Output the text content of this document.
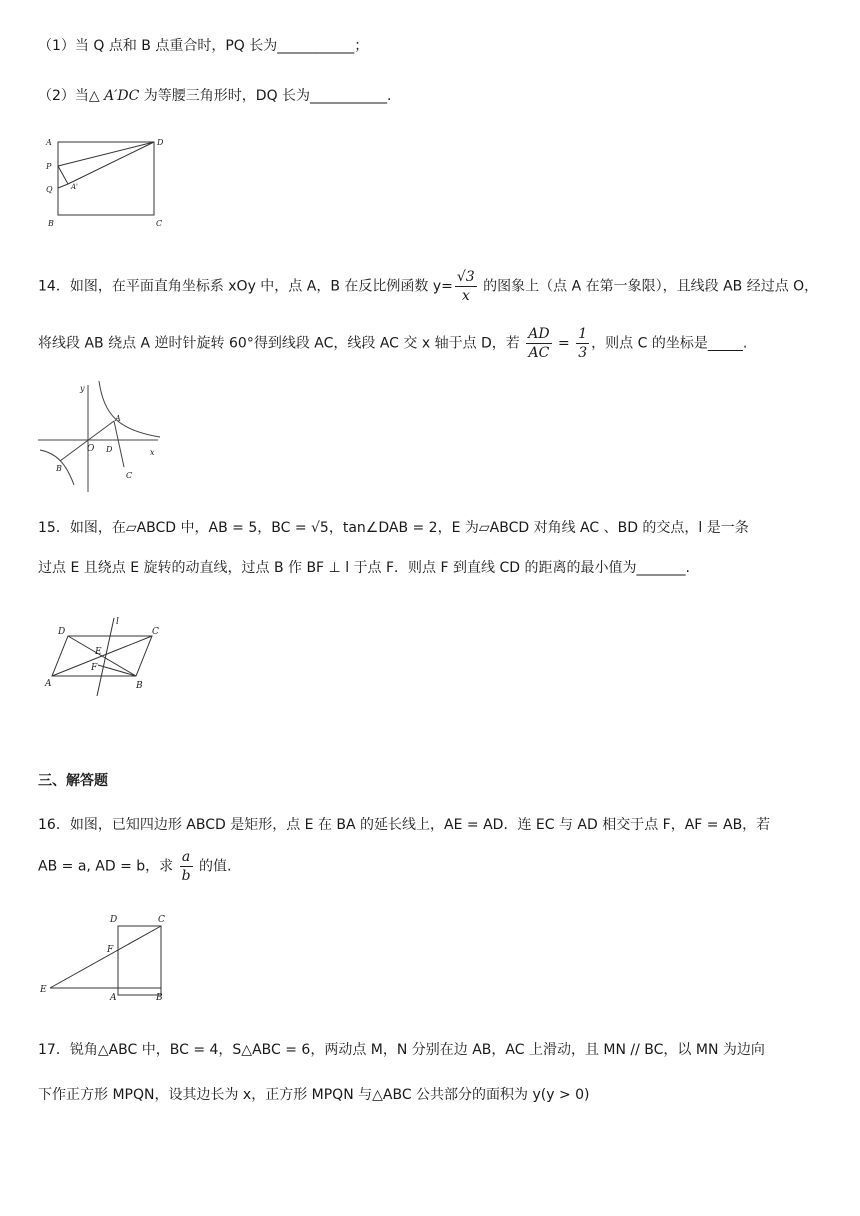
（1）当 Q 点和 B 点重合时，PQ 长为___________；
（2）当△ A′DC 为等腰三角形时，DQ 长为___________.
A	D
P
Q	A'
B	C
14．如图，在平面直角坐标系 xOy 中，点 A，B 在反比例函数 $y= \frac{√3}{x}$ 的图象上（点 A 在第一象限），且线段 AB 经过点 O，
将线段 AB 绕点 A 逆时针旋转 60°得到线段 AC，线段 AC 交 x 轴于点 D，若 $\frac{AD}{AC} = \frac{1}{3}$ ，则点 C 的坐标是_____.
y
x
O
A
B
D
C
15．如图，在▱ABCD 中，AB = 5，BC = √5，tan∠DAB = 2，E 为▱ABCD 对角线 AC 、BD 的交点，l 是一条
过点 E 且绕点 E 旋转的动直线，过点 B 作 BF ⊥ l 于点 F．则点 F 到直线 CD 的距离的最小值为_______.
D	C
l
E
F
A	B
三、解答题
16．如图，已知四边形 ABCD 是矩形，点 E 在 BA 的延长线上，AE = AD．连 EC 与 AD 相交于点 F，AF = AB，若
AB = a, AD = b，求 $\frac{a}{b}$ 的值.
D	C
F
E
A	B
17．锐角△ABC 中，BC = 4，S△ABC = 6，两动点 M，N 分别在边 AB，AC 上滑动，且 MN // BC，以 MN 为边向
下作正方形 MPQN，设其边长为 x，正方形 MPQN 与△ABC 公共部分的面积为 y(y > 0)
